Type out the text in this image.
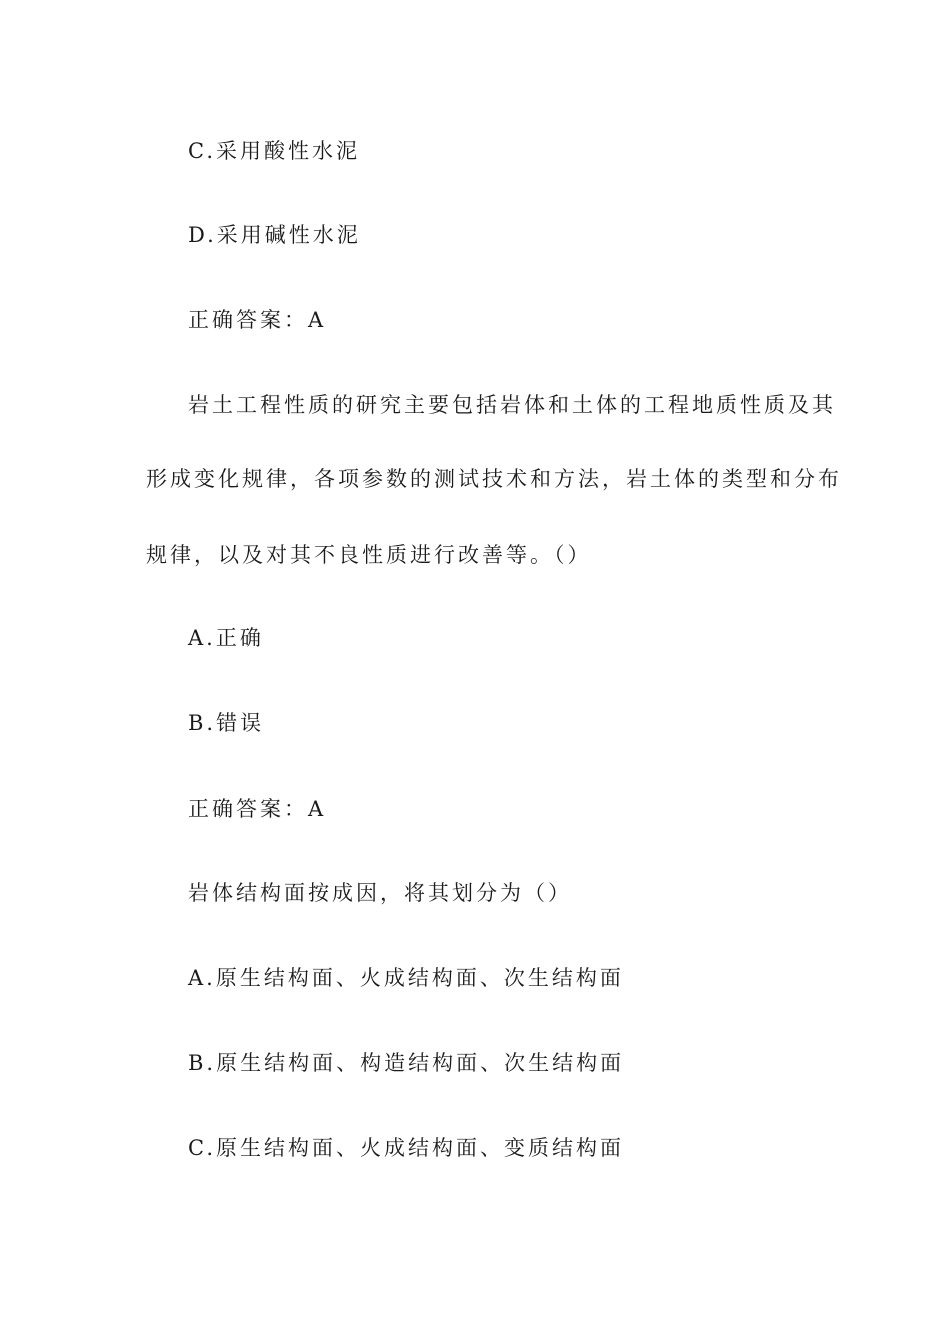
C.采用酸性水泥
D.采用碱性水泥
正确答案：A
岩土工程性质的研究主要包括岩体和土体的工程地质性质及其
形成变化规律，各项参数的测试技术和方法，岩土体的类型和分布
规律，以及对其不良性质进行改善等。（）
A.正确
B.错误
正确答案：A
岩体结构面按成因，将其划分为（）
A.原生结构面、火成结构面、次生结构面
B.原生结构面、构造结构面、次生结构面
C.原生结构面、火成结构面、变质结构面
